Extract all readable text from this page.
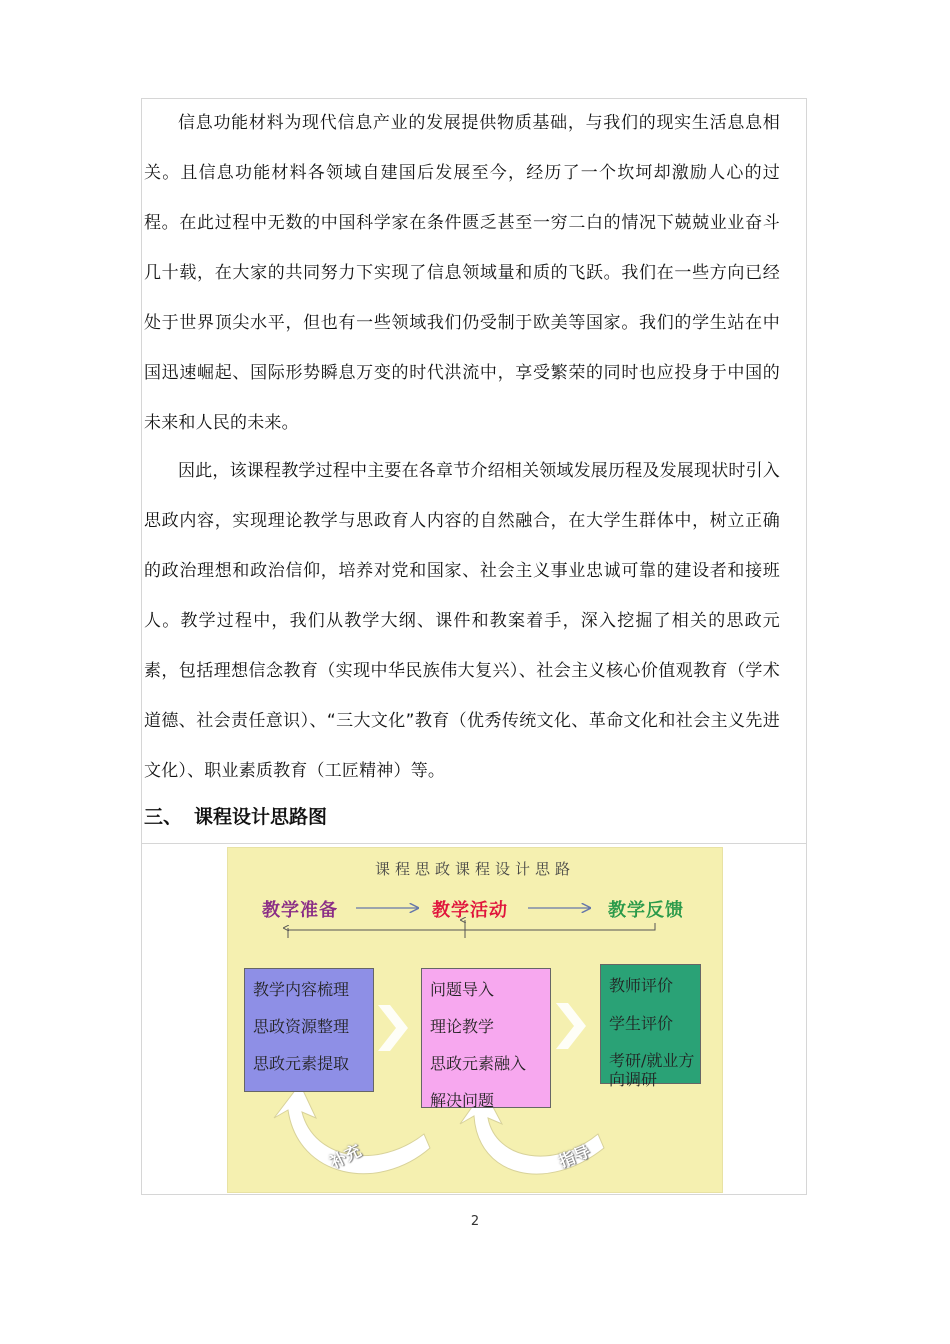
信息功能材料为现代信息产业的发展提供物质基础，与我们的现实生活息息相关。且信息功能材料各领域自建国后发展至今，经历了一个坎坷却激励人心的过程。在此过程中无数的中国科学家在条件匮乏甚至一穷二白的情况下兢兢业业奋斗几十载，在大家的共同努力下实现了信息领域量和质的飞跃。我们在一些方向已经处于世界顶尖水平，但也有一些领域我们仍受制于欧美等国家。我们的学生站在中国迅速崛起、国际形势瞬息万变的时代洪流中，享受繁荣的同时也应投身于中国的未来和人民的未来。

因此，该课程教学过程中主要在各章节介绍相关领域发展历程及发展现状时引入思政内容，实现理论教学与思政育人内容的自然融合，在大学生群体中，树立正确的政治理想和政治信仰，培养对党和国家、社会主义事业忠诚可靠的建设者和接班人。教学过程中，我们从教学大纲、课件和教案着手，深入挖掘了相关的思政元素，包括理想信念教育（实现中华民族伟大复兴）、社会主义核心价值观教育（学术道德、社会责任意识）、“三大文化”教育（优秀传统文化、革命文化和社会主义先进文化）、职业素质教育（工匠精神）等。

三、 课程设计思路图
课程思政课程设计思路
教学准备	教学活动	教学反馈
教学内容梳理
思政资源整理
思政元素提取
问题导入
理论教学
思政元素融入
解决问题
教师评价
学生评价
考研/就业方向调研
补充	指导
2
